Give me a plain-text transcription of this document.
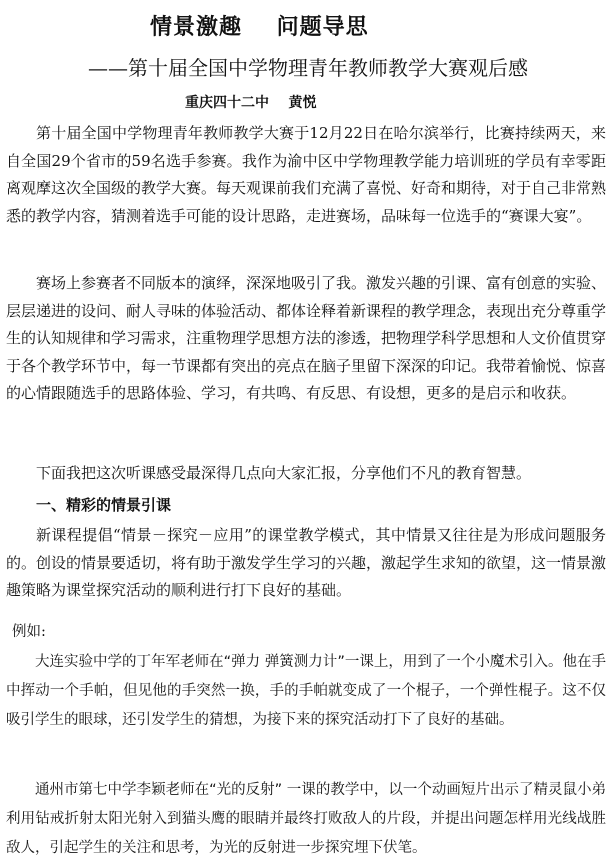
情景激趣    问题导思
——第十届全国中学物理青年教师教学大赛观后感
重庆四十二中    黄悦

第十届全国中学物理青年教师教学大赛于12月22日在哈尔滨举行，比赛持续两天，来自全国29个省市的59名选手参赛。我作为渝中区中学物理教学能力培训班的学员有幸零距离观摩这次全国级的教学大赛。每天观课前我们充满了喜悦、好奇和期待，对于自己非常熟悉的教学内容，猜测着选手可能的设计思路，走进赛场，品味每一位选手的“赛课大宴”。

赛场上参赛者不同版本的演绎，深深地吸引了我。激发兴趣的引课、富有创意的实验、层层递进的设问、耐人寻味的体验活动、都体诠释着新课程的教学理念，表现出充分尊重学生的认知规律和学习需求，注重物理学思想方法的渗透，把物理学科学思想和人文价值贯穿于各个教学环节中，每一节课都有突出的亮点在脑子里留下深深的印记。我带着愉悦、惊喜的心情跟随选手的思路体验、学习，有共鸣、有反思、有设想，更多的是启示和收获。

下面我把这次听课感受最深得几点向大家汇报，分享他们不凡的教育智慧。

一、精彩的情景引课

新课程提倡“情景－探究－应用”的课堂教学模式，其中情景又往往是为形成问题服务的。创设的情景要适切，将有助于激发学生学习的兴趣，激起学生求知的欲望，这一情景激趣策略为课堂探究活动的顺利进行打下良好的基础。

例如:

大连实验中学的丁年军老师在“弹力 弹簧测力计”一课上，用到了一个小魔术引入。他在手中挥动一个手帕，但见他的手突然一换，手的手帕就变成了一个棍子，一个弹性棍子。这不仅吸引学生的眼球，还引发学生的猜想，为接下来的探究活动打下了良好的基础。

通州市第七中学李颖老师在“光的反射” 一课的教学中，以一个动画短片出示了精灵鼠小弟利用钻戒折射太阳光射入到猫头鹰的眼睛并最终打败敌人的片段，并提出问题怎样用光线战胜敌人，引起学生的关注和思考，为光的反射进一步探究埋下伏笔。
